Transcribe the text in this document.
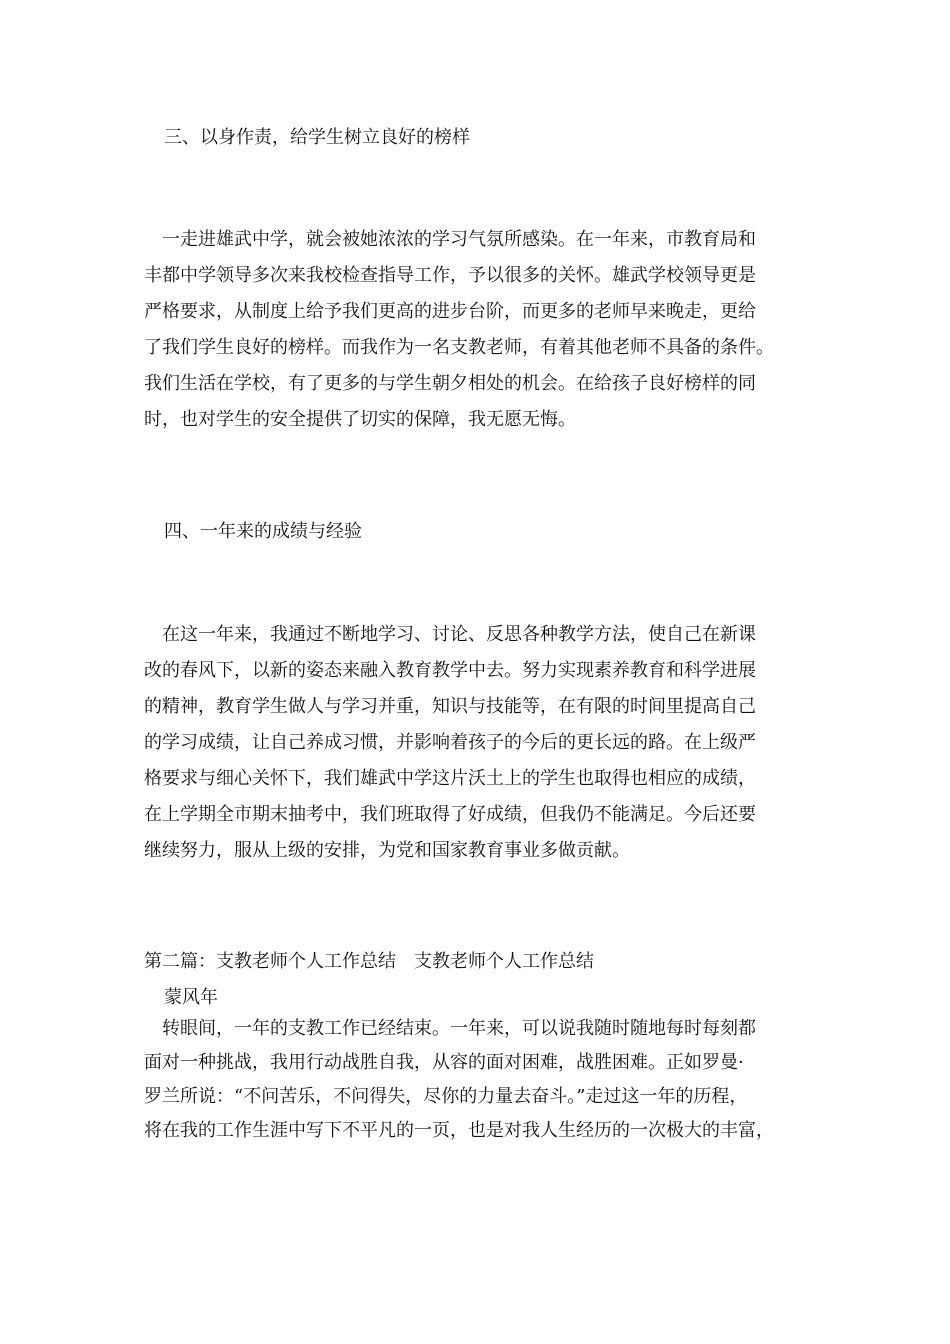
三、以身作责，给学生树立良好的榜样
　一走进雄武中学，就会被她浓浓的学习气氛所感染。在一年来，市教育局和
丰都中学领导多次来我校检查指导工作，予以很多的关怀。雄武学校领导更是
严格要求，从制度上给予我们更高的进步台阶，而更多的老师早来晚走，更给
了我们学生良好的榜样。而我作为一名支教老师，有着其他老师不具备的条件。
我们生活在学校，有了更多的与学生朝夕相处的机会。在给孩子良好榜样的同
时，也对学生的安全提供了切实的保障，我无愿无悔。
四、一年来的成绩与经验
　在这一年来，我通过不断地学习、讨论、反思各种教学方法，使自己在新课
改的春风下，以新的姿态来融入教育教学中去。努力实现素养教育和科学进展
的精神，教育学生做人与学习并重，知识与技能等，在有限的时间里提高自己
的学习成绩，让自己养成习惯，并影响着孩子的今后的更长远的路。在上级严
格要求与细心关怀下，我们雄武中学这片沃土上的学生也取得也相应的成绩，
在上学期全市期末抽考中，我们班取得了好成绩，但我仍不能满足。今后还要
继续努力，服从上级的安排，为党和国家教育事业多做贡献。
第二篇：支教老师个人工作总结　支教老师个人工作总结
蒙风年
　转眼间，一年的支教工作已经结束。一年来，可以说我随时随地每时每刻都
面对一种挑战，我用行动战胜自我，从容的面对困难，战胜困难。正如罗曼·
罗兰所说：“不问苦乐，不问得失，尽你的力量去奋斗。”走过这一年的历程，
将在我的工作生涯中写下不平凡的一页，也是对我人生经历的一次极大的丰富，
